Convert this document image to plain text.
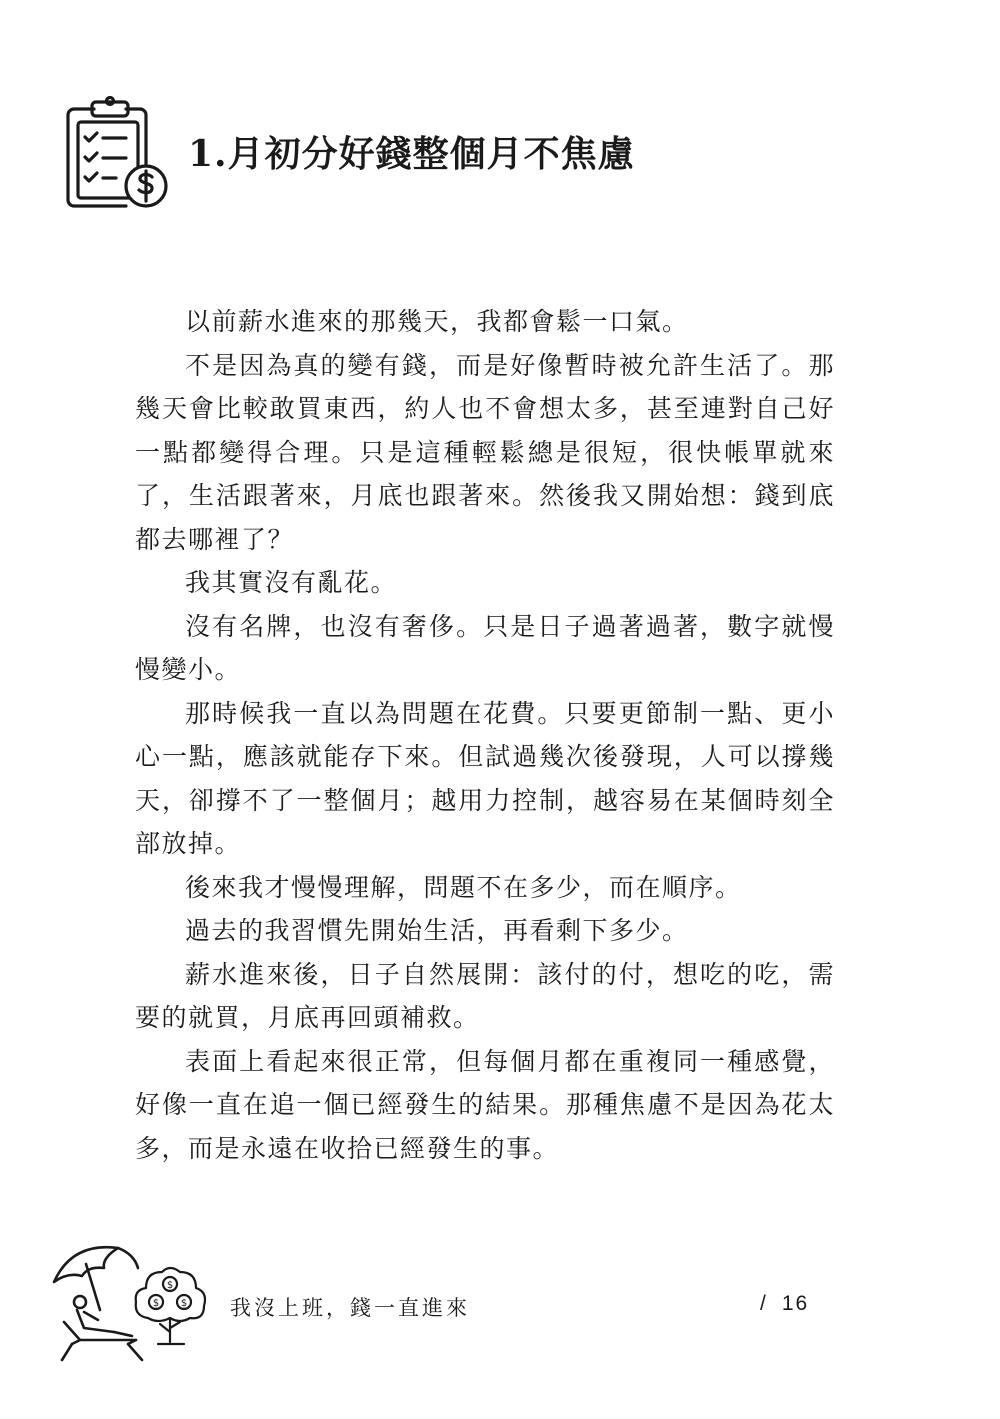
1.月初分好錢整個月不焦慮

以前薪水進來的那幾天，我都會鬆一口氣。

不是因為真的變有錢，而是好像暫時被允許生活了。那幾天會比較敢買東西，約人也不會想太多，甚至連對自己好一點都變得合理。只是這種輕鬆總是很短，很快帳單就來了，生活跟著來，月底也跟著來。然後我又開始想：錢到底都去哪裡了？

我其實沒有亂花。

沒有名牌，也沒有奢侈。只是日子過著過著，數字就慢慢變小。

那時候我一直以為問題在花費。只要更節制一點、更小心一點，應該就能存下來。但試過幾次後發現，人可以撐幾天，卻撐不了一整個月；越用力控制，越容易在某個時刻全部放掉。

後來我才慢慢理解，問題不在多少，而在順序。

過去的我習慣先開始生活，再看剩下多少。

薪水進來後，日子自然展開：該付的付，想吃的吃，需要的就買，月底再回頭補救。

表面上看起來很正常，但每個月都在重複同一種感覺，好像一直在追一個已經發生的結果。那種焦慮不是因為花太多，而是永遠在收拾已經發生的事。

$
$ $ 我沒上班，錢一直進來	/ 16
